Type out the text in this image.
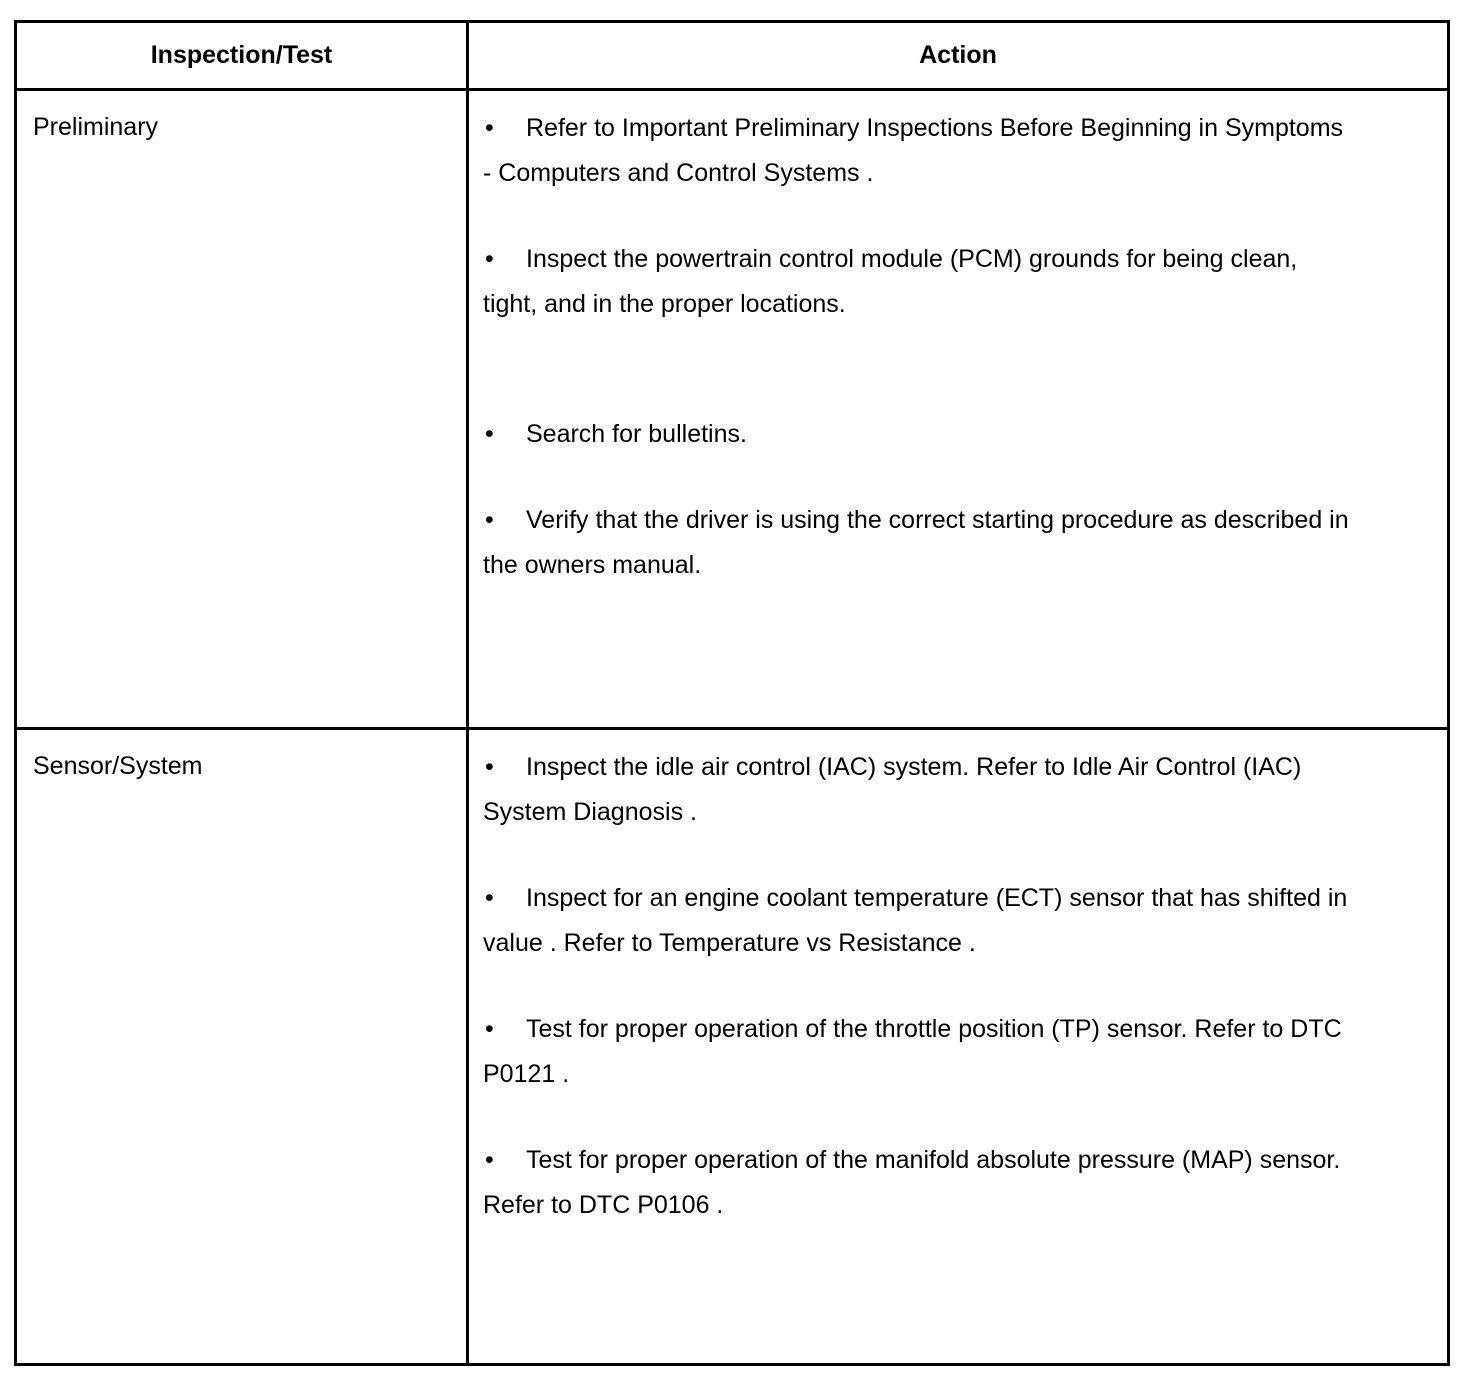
Inspection/Test	Action
Preliminary	• Refer to Important Preliminary Inspections Before Beginning in Symptoms - Computers and Control Systems .
• Inspect the powertrain control module (PCM) grounds for being clean, tight, and in the proper locations.
• Search for bulletins.
• Verify that the driver is using the correct starting procedure as described in the owners manual.
Sensor/System	• Inspect the idle air control (IAC) system. Refer to Idle Air Control (IAC) System Diagnosis .
• Inspect for an engine coolant temperature (ECT) sensor that has shifted in value . Refer to Temperature vs Resistance .
• Test for proper operation of the throttle position (TP) sensor. Refer to DTC P0121 .
• Test for proper operation of the manifold absolute pressure (MAP) sensor. Refer to DTC P0106 .
